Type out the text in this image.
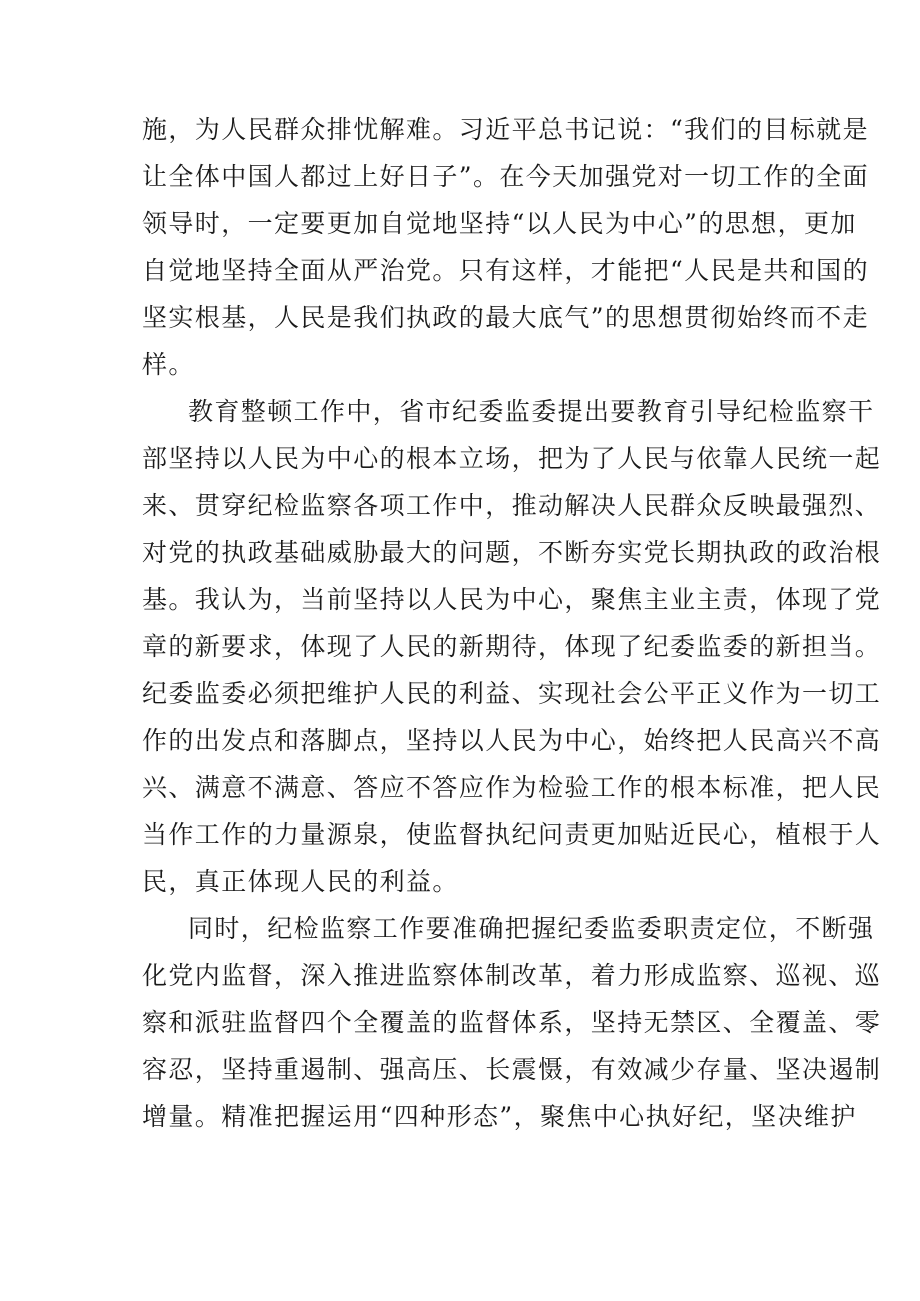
施，为人民群众排忧解难。习近平总书记说：“我们的目标就是
让全体中国人都过上好日子”。在今天加强党对一切工作的全面
领导时，一定要更加自觉地坚持“以人民为中心”的思想，更加
自觉地坚持全面从严治党。只有这样，才能把“人民是共和国的
坚实根基，人民是我们执政的最大底气”的思想贯彻始终而不走
样。
教育整顿工作中，省市纪委监委提出要教育引导纪检监察干
部坚持以人民为中心的根本立场，把为了人民与依靠人民统一起
来、贯穿纪检监察各项工作中，推动解决人民群众反映最强烈、
对党的执政基础威胁最大的问题，不断夯实党长期执政的政治根
基。我认为，当前坚持以人民为中心，聚焦主业主责，体现了党
章的新要求，体现了人民的新期待，体现了纪委监委的新担当。
纪委监委必须把维护人民的利益、实现社会公平正义作为一切工
作的出发点和落脚点，坚持以人民为中心，始终把人民高兴不高
兴、满意不满意、答应不答应作为检验工作的根本标准，把人民
当作工作的力量源泉，使监督执纪问责更加贴近民心，植根于人
民，真正体现人民的利益。
同时，纪检监察工作要准确把握纪委监委职责定位，不断强
化党内监督，深入推进监察体制改革，着力形成监察、巡视、巡
察和派驻监督四个全覆盖的监督体系，坚持无禁区、全覆盖、零
容忍，坚持重遏制、强高压、长震慑，有效减少存量、坚决遏制
增量。精准把握运用“四种形态”，聚焦中心执好纪，坚决维护
